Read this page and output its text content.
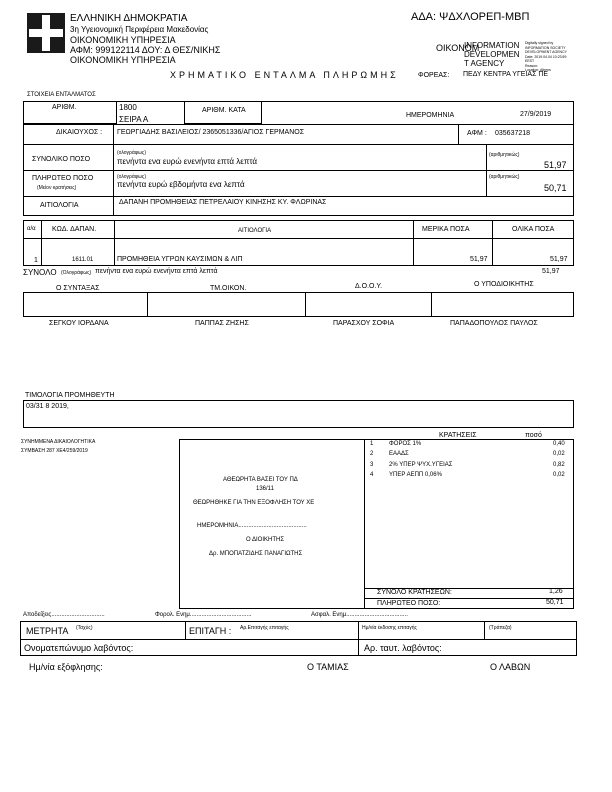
ΕΛΛΗΝΙΚΗ ΔΗΜΟΚΡΑΤΙΑ
3η Υγειονομική Περιφέρεια Μακεδονίας
ΟΙΚΟΝΟΜΙΚΗ ΥΠΗΡΕΣΙΑ
ΑΦΜ: 999122114 ΔΟΥ: Δ ΘΕΣ/ΝΙΚΗΣ
ΟΙΚΟΝΟΜΙΚΗ ΥΠΗΡΕΣΙΑ
ΑΔΑ: ΨΔΧΛΟΡΕΠ-ΜΒΠ
ΟΙΚΟΝΟΜ
INFORMATION
DEVELOPMEN
T AGENCY
Digitally signed by
INFORMATION SOCIETY
DEVELOPMENT AGENCY
Date: 2019.04.04 10:23:59
EEST
Reason:
Location: Athens
ΧΡΗΜΑΤΙΚΟ ΕΝΤΑΛΜΑ ΠΛΗΡΩΜΗΣ	ΦΟΡΕΑΣ: ΠΕΔΥ ΚΕΝΤΡΑ ΥΓΕΙΑΣ ΠΕ
ΣΤΟΙΧΕΙΑ ΕΝΤΑΛΜΑΤΟΣ
ΑΡΙΘΜ.	1800
ΣΕΙΡΑ Α
ΑΡΙΘΜ. ΚΑΤΑ
ΗΜΕΡΟΜΗΝΙΑ	27/9/2019
ΔΙΚΑΙΟΥΧΟΣ : ΓΕΩΡΓΙΑΔΗΣ ΒΑΣΙΛΕΙΟΣ/ 2365051336/ΑΓΙΟΣ ΓΕΡΜΑΝΟΣ	ΑΦΜ : 035637218
ΣΥΝΟΛΙΚΟ ΠΟΣΟ
(ολογράφως)
πενήντα ενα ευρώ ενενήντα επτά λεπτά
(αριθμητικώς)
51,97
ΠΛΗΡΩΤΕΟ ΠΟΣΟ
(Μείον κρατήσεις)
(ολογράφως)
πενήντα ευρώ εβδομήντα ενα λεπτά
(αριθμητικώς)
50,71
ΑΙΤΙΟΛΟΓΙΑ	ΔΑΠΑΝΗ ΠΡΟΜΗΘΕΙΑΣ ΠΕΤΡΕΛΑΙΟΥ ΚΙΝΗΣΗΣ ΚΥ. ΦΛΩΡΙΝΑΣ
α/α ΚΩΔ. ΔΑΠΑΝ.	ΑΙΤΙΟΛΟΓΙΑ	ΜΕΡΙΚΑ ΠΟΣΑ	ΟΛΙΚΑ ΠΟΣΑ
1	1611.01	ΠΡΟΜΗΘΕΙΑ ΥΓΡΩΝ ΚΑΥΣΙΜΩΝ & ΛΙΠ	51,97	51,97
ΣΥΝΟΛΟ (Ολογράφως) πενήντα ενα ευρώ ενενήντα επτά λεπτά	51,97
Ο ΣΥΝΤΑΞΑΣ	ΤΜ.ΟΙΚΟΝ.	Δ.Ο.Ο.Υ.	Ο ΥΠΟΔΙΟΙΚΗΤΗΣ
ΣΕΓΚΟΥ ΙΟΡΔΑΝΑ	ΠΑΠΠΑΣ ΖΗΣΗΣ	ΠΑΡΑΣΧΟΥ ΣΟΦΙΑ	ΠΑΠΑΔΟΠΟΥΛΟΣ ΠΑΥΛΟΣ
ΤΙΜΟΛΟΓΙΑ ΠΡΟΜΗΘΕΥΤΗ
03/31 8 2019,
ΣΥΝΗΜΜΕΝΑ ΔΙΚΑΙΟΛΟΓΗΤΙΚΑ
ΣΥΜΒΑΣΗ 287 ΧΕ4/259/2019
ΑΘΕΩΡΗΤΑ ΒΑΣΕΙ ΤΟΥ ΠΔ
136/11
ΘΕΩΡΗΘΗΚΕ ΓΙΑ ΤΗΝ ΕΞΟΦΛΗΣΗ ΤΟΥ ΧΕ
ΗΜΕΡΟΜΗΝΙΑ.........................................
Ο ΔΙΟΙΚΗΤΗΣ
Δρ. ΜΠΟΠΑΤΖΙΔΗΣ ΠΑΝΑΓΙΩΤΗΣ
ΚΡΑΤΗΣΕΙΣ	ποσό
1	ΦΟΡΟΣ 1%	0,40
2	ΕΑΑΔΣ	0,02
3	2% ΥΠΕΡ ΨΥΧ.ΥΓΕΙΑΣ	0,82
4	ΥΠΕΡ ΑΕΠΠ 0,06%	0,02
ΣΥΝΟΛΟ ΚΡΑΤΗΣΕΩΝ:	1,26
ΠΛΗΡΩΤΕΟ ΠΟΣΟ:	50,71
Αποδείξεις................................	Φορολ. Ενημ.....................................	Ασφαλ. Ενημ.....................................
ΜΕΤΡΗΤΑ (Ταχύς)	ΕΠΙΤΑΓΗ : Αρ.Επιταγής επιταγής	Ημ/νία έκδοσης επιταγής	(Τράπεζα)
Ονοματεπώνυμο λαβόντος:	Αρ. ταυτ. λαβόντος:
Ημ/νία εξόφλησης:	Ο ΤΑΜΙΑΣ	Ο ΛΑΒΩΝ
